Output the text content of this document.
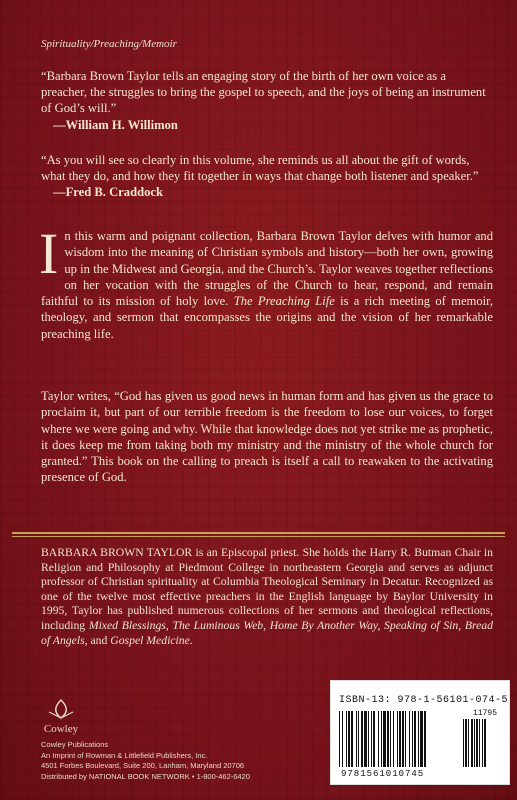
Spirituality/Preaching/Memoir
“Barbara Brown Taylor tells an engaging story of the birth of her own voice as a preacher, the struggles to bring the gospel to speech, and the joys of being an instrument of God’s will.”
—William H. Willimon
“As you will see so clearly in this volume, she reminds us all about the gift of words, what they do, and how they fit together in ways that change both listener and speaker.”
—Fred B. Craddock
In this warm and poignant collection, Barbara Brown Taylor delves with humor and wisdom into the meaning of Christian symbols and history—both her own, growing up in the Midwest and Georgia, and the Church’s. Taylor weaves together reflections on her vocation with the struggles of the Church to hear, respond, and remain faithful to its mission of holy love. The Preaching Life is a rich meeting of memoir, theology, and sermon that encompasses the origins and the vision of her remarkable preaching life.
Taylor writes, “God has given us good news in human form and has given us the grace to proclaim it, but part of our terrible freedom is the freedom to lose our voices, to forget where we were going and why. While that knowledge does not yet strike me as prophetic, it does keep me from taking both my ministry and the ministry of the whole church for granted.” This book on the calling to preach is itself a call to reawaken to the activating presence of God.
BARBARA BROWN TAYLOR is an Episcopal priest. She holds the Harry R. Butman Chair in Religion and Philosophy at Piedmont College in northeastern Georgia and serves as adjunct professor of Christian spirituality at Columbia Theological Seminary in Decatur. Recognized as one of the twelve most effective preachers in the English language by Baylor University in 1995, Taylor has published numerous collections of her sermons and theological reflections, including Mixed Blessings, The Luminous Web, Home By Another Way, Speaking of Sin, Bread of Angels, and Gospel Medicine.
Cowley
Cowley Publications
An Imprint of Rowman & Littlefield Publishers, Inc.
4501 Forbes Boulevard, Suite 200, Lanham, Maryland 20706
Distributed by NATIONAL BOOK NETWORK • 1-800-462-6420
ISBN-13: 978-1-56101-074-5
11795
9781561010745
